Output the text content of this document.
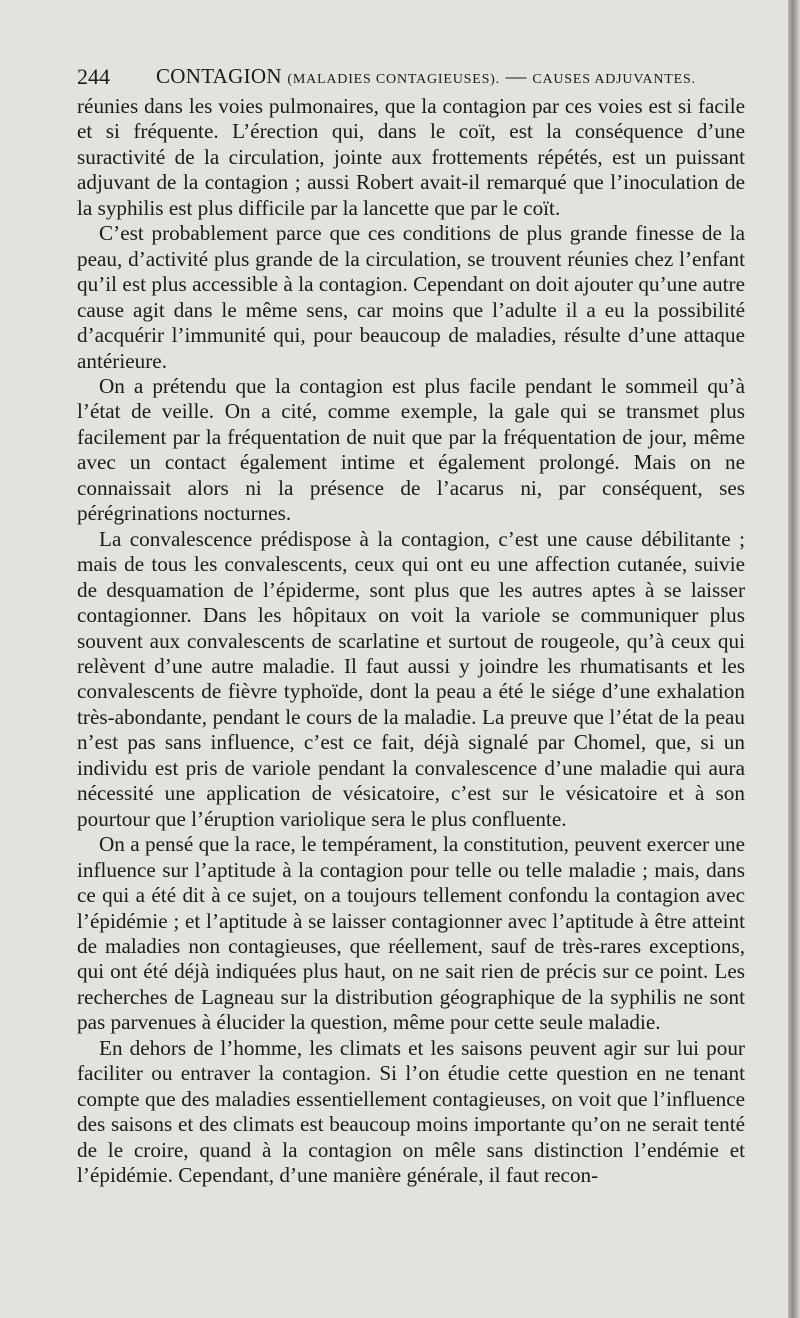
244 CONTAGION (MALADIES CONTAGIEUSES). — CAUSES ADJUVANTES.

réunies dans les voies pulmonaires, que la contagion par ces voies est si facile et si fréquente. L’érection qui, dans le coït, est la conséquence d’une suractivité de la circulation, jointe aux frottements répétés, est un puissant adjuvant de la contagion ; aussi Robert avait-il remarqué que l’inoculation de la syphilis est plus difficile par la lancette que par le coït.

C’est probablement parce que ces conditions de plus grande finesse de la peau, d’activité plus grande de la circulation, se trouvent réunies chez l’enfant qu’il est plus accessible à la contagion. Cependant on doit ajouter qu’une autre cause agit dans le même sens, car moins que l’adulte il a eu la possibilité d’acquérir l’immunité qui, pour beaucoup de maladies, résulte d’une attaque antérieure.

On a prétendu que la contagion est plus facile pendant le sommeil qu’à l’état de veille. On a cité, comme exemple, la gale qui se transmet plus facilement par la fréquentation de nuit que par la fréquentation de jour, même avec un contact également intime et également prolongé. Mais on ne connaissait alors ni la présence de l’acarus ni, par conséquent, ses pérégrinations nocturnes.

La convalescence prédispose à la contagion, c’est une cause débilitante ; mais de tous les convalescents, ceux qui ont eu une affection cutanée, suivie de desquamation de l’épiderme, sont plus que les autres aptes à se laisser contagionner. Dans les hôpitaux on voit la variole se communiquer plus souvent aux convalescents de scarlatine et surtout de rougeole, qu’à ceux qui relèvent d’une autre maladie. Il faut aussi y joindre les rhumatisants et les convalescents de fièvre typhoïde, dont la peau a été le siége d’une exhalation très-abondante, pendant le cours de la maladie. La preuve que l’état de la peau n’est pas sans influence, c’est ce fait, déjà signalé par Chomel, que, si un individu est pris de variole pendant la convalescence d’une maladie qui aura nécessité une application de vésicatoire, c’est sur le vésicatoire et à son pourtour que l’éruption variolique sera le plus confluente.

On a pensé que la race, le tempérament, la constitution, peuvent exercer une influence sur l’aptitude à la contagion pour telle ou telle maladie ; mais, dans ce qui a été dit à ce sujet, on a toujours tellement confondu la contagion avec l’épidémie ; et l’aptitude à se laisser contagionner avec l’aptitude à être atteint de maladies non contagieuses, que réellement, sauf de très-rares exceptions, qui ont été déjà indiquées plus haut, on ne sait rien de précis sur ce point. Les recherches de Lagneau sur la distribution géographique de la syphilis ne sont pas parvenues à élucider la question, même pour cette seule maladie.

En dehors de l’homme, les climats et les saisons peuvent agir sur lui pour faciliter ou entraver la contagion. Si l’on étudie cette question en ne tenant compte que des maladies essentiellement contagieuses, on voit que l’influence des saisons et des climats est beaucoup moins importante qu’on ne serait tenté de le croire, quand à la contagion on mêle sans distinction l’endémie et l’épidémie. Cependant, d’une manière générale, il faut recon-
